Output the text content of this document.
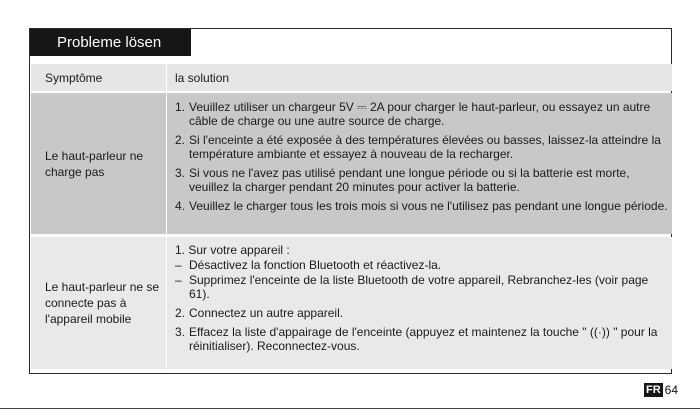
Probleme lösen
Symptôme	la solution
Le haut-parleur ne charge pas
1. Veuillez utiliser un chargeur 5V ⎓ 2A pour charger le haut-parleur, ou essayez un autre câble de charge ou une autre source de charge.
2. Si l'enceinte a été exposée à des températures élevées ou basses, laissez-la atteindre la température ambiante et essayez à nouveau de la recharger.
3. Si vous ne l'avez pas utilisé pendant une longue période ou si la batterie est morte, veuillez la charger pendant 20 minutes pour activer la batterie.
4. Veuillez le charger tous les trois mois si vous ne l'utilisez pas pendant une longue période.
Le haut-parleur ne se connecte pas à l'appareil mobile
1. Sur votre appareil :
– Désactivez la fonction Bluetooth et réactivez-la.
– Supprimez l'enceinte de la liste Bluetooth de votre appareil, Rebranchez-les (voir page 61).
2. Connectez un autre appareil.
3. Effacez la liste d'appairage de l'enceinte (appuyez et maintenez la touche " ((·)) " pour la réinitialiser). Reconnectez-vous.
FR 64
